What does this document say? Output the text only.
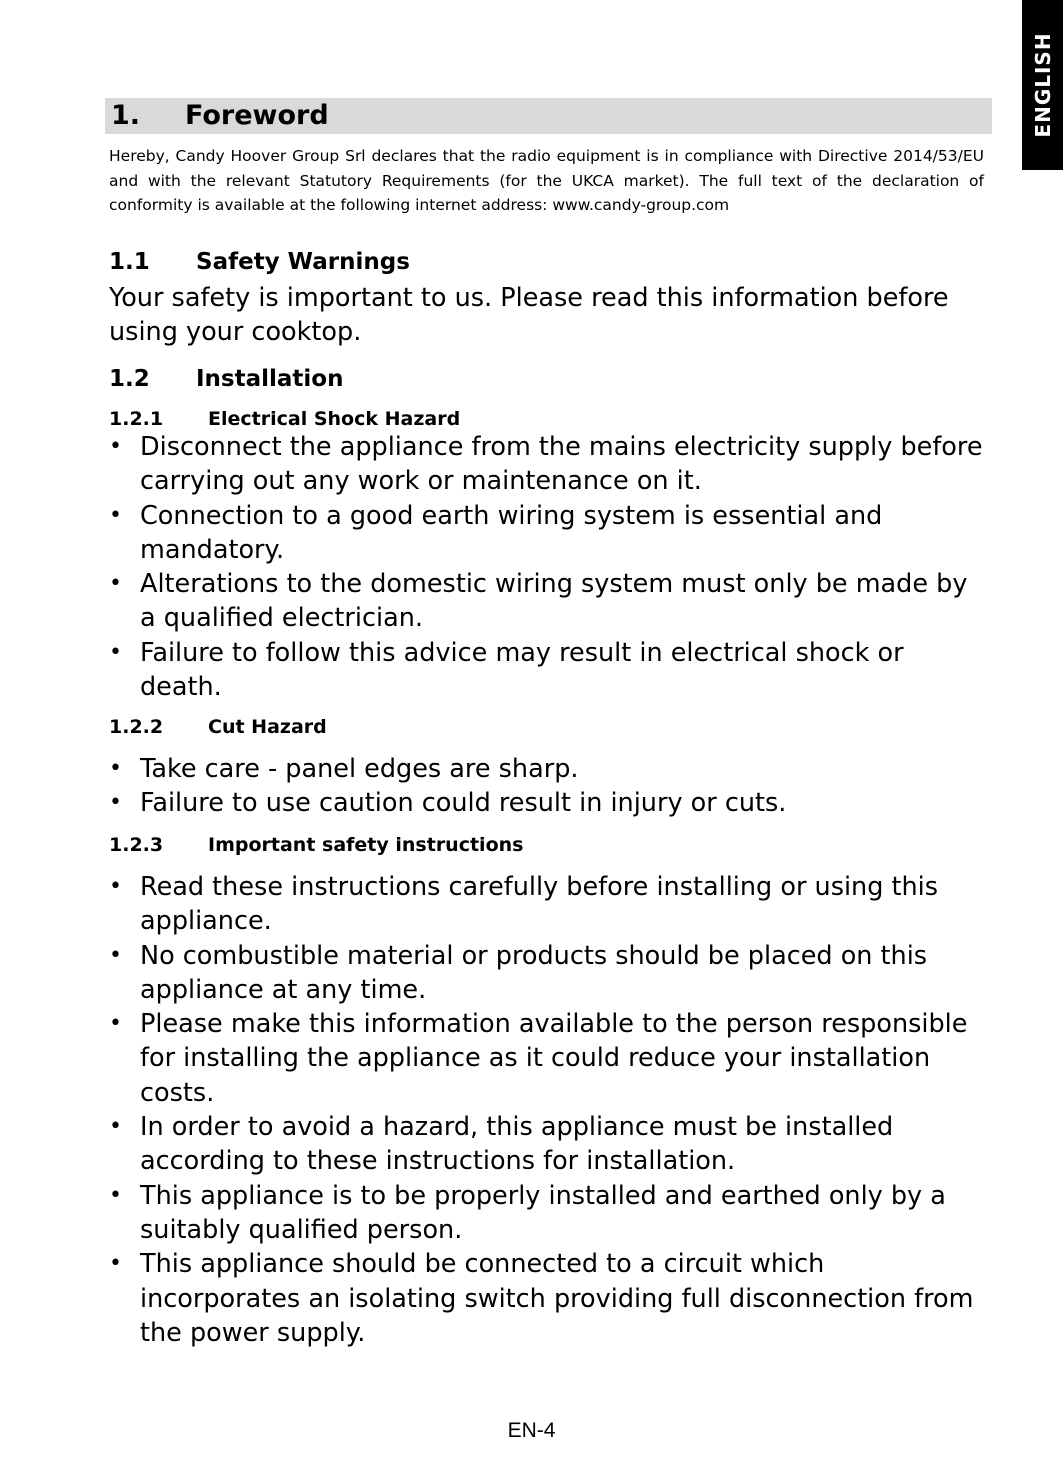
ENGLISH
1. Foreword

Hereby, Candy Hoover Group Srl declares that the radio equipment is in compliance with Directive 2014/53/EU and with the relevant Statutory Requirements (for the UKCA market). The full text of the declaration of conformity is available at the following internet address: www.candy-group.com

1.1 Safety Warnings

Your safety is important to us. Please read this information before using your cooktop.

1.2 Installation
1.2.1 Electrical Shock Hazard
• Disconnect the appliance from the mains electricity supply before carrying out any work or maintenance on it.
• Connection to a good earth wiring system is essential and mandatory.
• Alterations to the domestic wiring system must only be made by a qualified electrician.
• Failure to follow this advice may result in electrical shock or death.
1.2.2 Cut Hazard
• Take care - panel edges are sharp.
• Failure to use caution could result in injury or cuts.
1.2.3 Important safety instructions
• Read these instructions carefully before installing or using this appliance.
• No combustible material or products should be placed on this appliance at any time.
• Please make this information available to the person responsible for installing the appliance as it could reduce your installation costs.
• In order to avoid a hazard, this appliance must be installed according to these instructions for installation.
• This appliance is to be properly installed and earthed only by a suitably qualified person.
• This appliance should be connected to a circuit which incorporates an isolating switch providing full disconnection from the power supply.
EN-4
